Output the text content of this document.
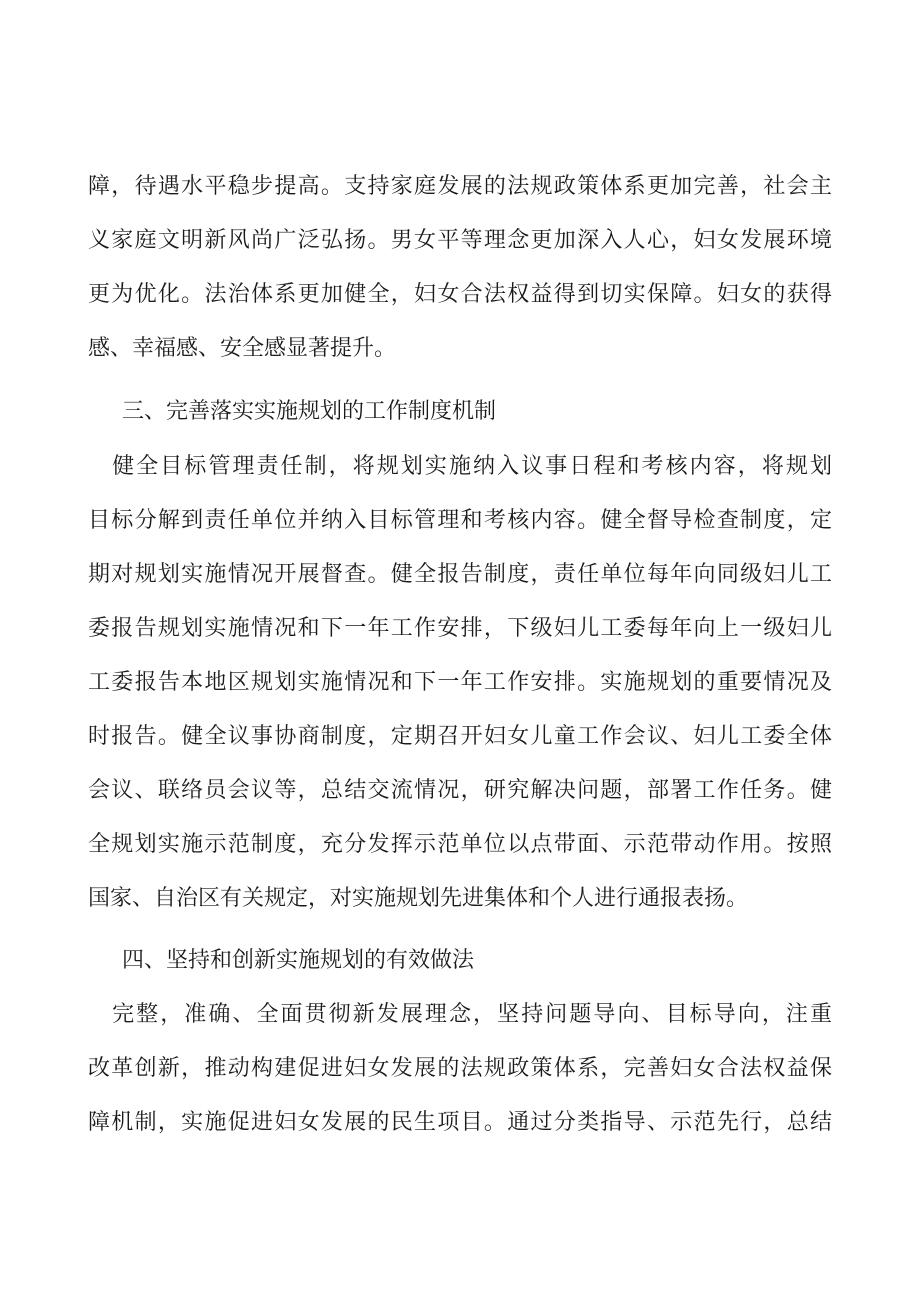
障，待遇水平稳步提高。支持家庭发展的法规政策体系更加完善，社会主
义家庭文明新风尚广泛弘扬。男女平等理念更加深入人心，妇女发展环境
更为优化。法治体系更加健全，妇女合法权益得到切实保障。妇女的获得
感、幸福感、安全感显著提升。
三、完善落实实施规划的工作制度机制
　健全目标管理责任制，将规划实施纳入议事日程和考核内容，将规划
目标分解到责任单位并纳入目标管理和考核内容。健全督导检查制度，定
期对规划实施情况开展督查。健全报告制度，责任单位每年向同级妇儿工
委报告规划实施情况和下一年工作安排，下级妇儿工委每年向上一级妇儿
工委报告本地区规划实施情况和下一年工作安排。实施规划的重要情况及
时报告。健全议事协商制度，定期召开妇女儿童工作会议、妇儿工委全体
会议、联络员会议等，总结交流情况，研究解决问题，部署工作任务。健
全规划实施示范制度，充分发挥示范单位以点带面、示范带动作用。按照
国家、自治区有关规定，对实施规划先进集体和个人进行通报表扬。
四、坚持和创新实施规划的有效做法
　完整，准确、全面贯彻新发展理念，坚持问题导向、目标导向，注重
改革创新，推动构建促进妇女发展的法规政策体系，完善妇女合法权益保
障机制，实施促进妇女发展的民生项目。通过分类指导、示范先行，总结
